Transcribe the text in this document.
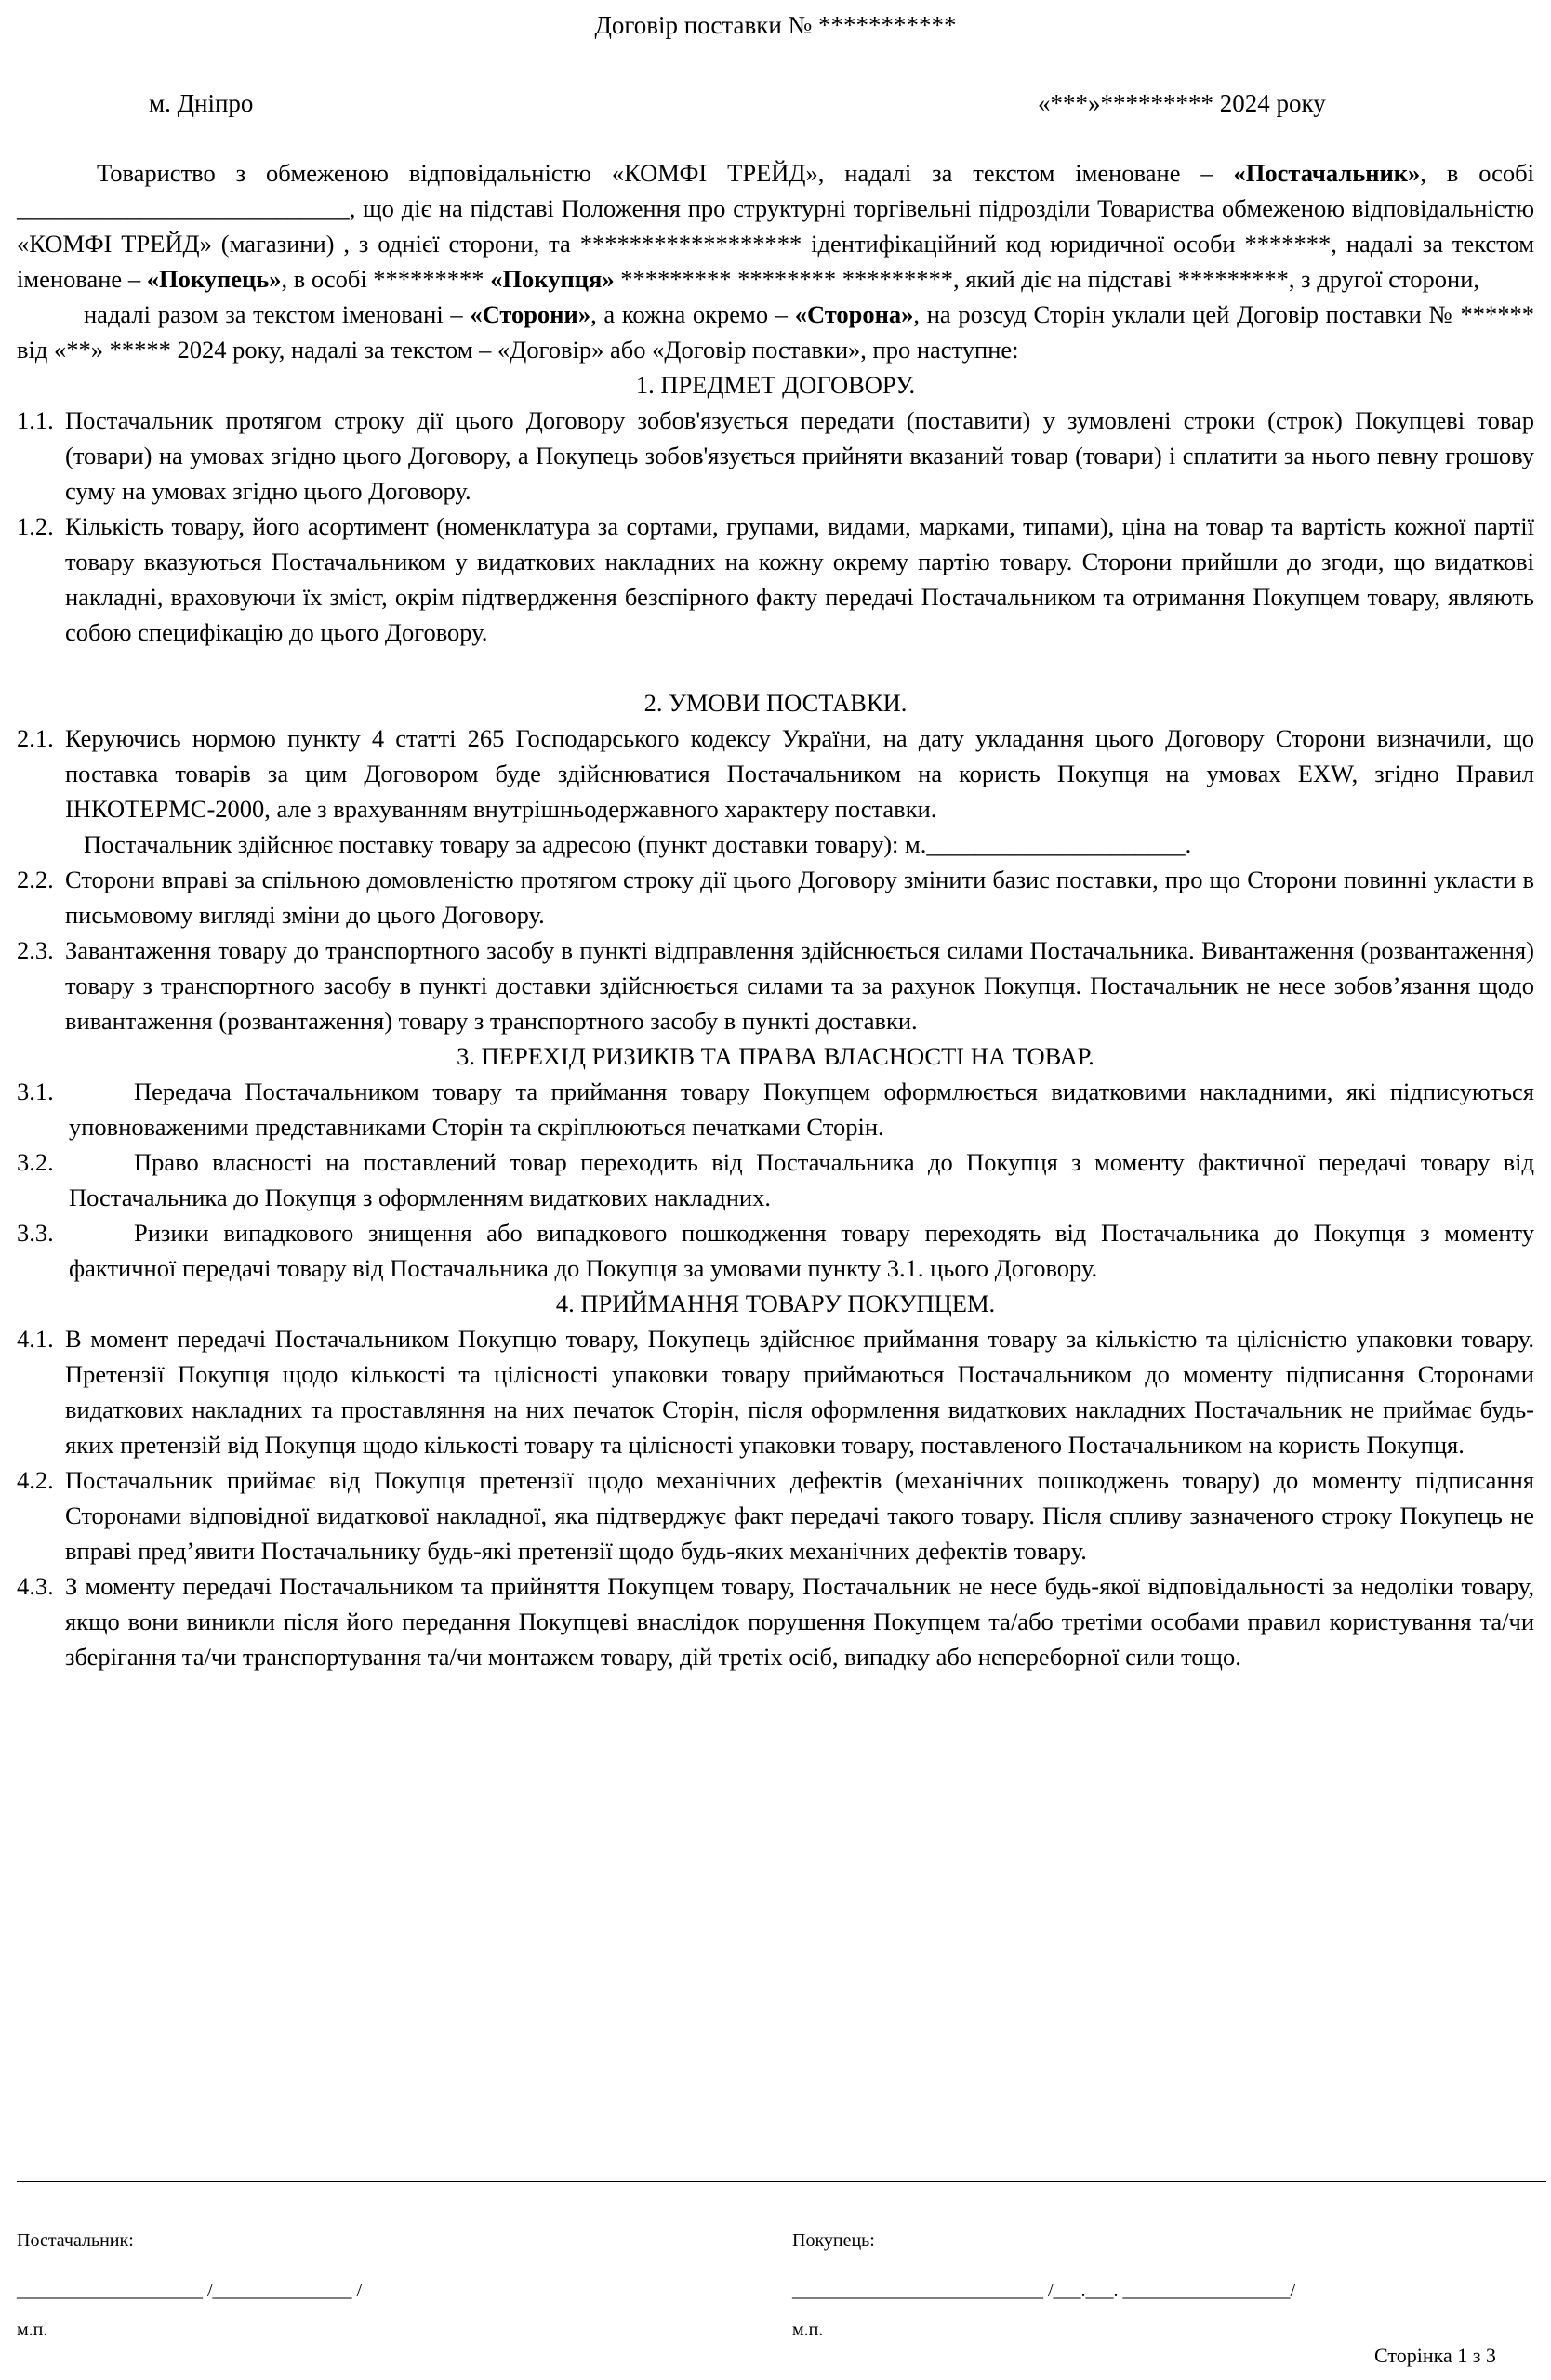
Договір поставки № ***********
м. Дніпро	«***»********* 2024 року

Товариство з обмеженою відповідальністю «КОМФІ ТРЕЙД», надалі за текстом іменоване – «Постачальник», в особі ___________________________, що діє на підставі Положення про структурні торгівельні підрозділи Товариства обмеженою відповідальністю «КОМФІ ТРЕЙД» (магазини) , з однієї сторони, та ****************** ідентифікаційний код юридичної особи *******, надалі за текстом іменоване – «Покупець», в особі ********* «Покупця» ********* ******** *********, який діє на підставі *********, з другої сторони,

надалі разом за текстом іменовані – «Сторони», а кожна окремо – «Сторона», на розсуд Сторін уклали цей Договір поставки № ****** від «**» ***** 2024 року, надалі за текстом – «Договір» або «Договір поставки», про наступне:

1. ПРЕДМЕТ ДОГОВОРУ.
1.1. Постачальник протягом строку дії цього Договору зобов'язується передати (поставити) у зумовлені строки (строк) Покупцеві товар (товари) на умовах згідно цього Договору, а Покупець зобов'язується прийняти вказаний товар (товари) і сплатити за нього певну грошову суму на умовах згідно цього Договору.
1.2. Кількість товару, його асортимент (номенклатура за сортами, групами, видами, марками, типами), ціна на товар та вартість кожної партії товару вказуються Постачальником у видаткових накладних на кожну окрему партію товару. Сторони прийшли до згоди, що видаткові накладні, враховуючи їх зміст, окрім підтвердження безспірного факту передачі Постачальником та отримання Покупцем товару, являють собою специфікацію до цього Договору.
2. УМОВИ ПОСТАВКИ.
2.1. Керуючись нормою пункту 4 статті 265 Господарського кодексу України, на дату укладання цього Договору Сторони визначили, що поставка товарів за цим Договором буде здійснюватися Постачальником на користь Покупця на умовах EXW, згідно Правил ІНКОТЕРМС-2000, але з врахуванням внутрішньодержавного характеру поставки.
Постачальник здійснює поставку товару за адресою (пункт доставки товару): м._____________________.
2.2. Сторони вправі за спільною домовленістю протягом строку дії цього Договору змінити базис поставки, про що Сторони повинні укласти в письмовому вигляді зміни до цього Договору.
2.3. Завантаження товару до транспортного засобу в пункті відправлення здійснюється силами Постачальника. Вивантаження (розвантаження) товару з транспортного засобу в пункті доставки здійснюється силами та за рахунок Покупця. Постачальник не несе зобов’язання щодо вивантаження (розвантаження) товару з транспортного засобу в пункті доставки.
3. ПЕРЕХІД РИЗИКІВ ТА ПРАВА ВЛАСНОСТІ НА ТОВАР.
3.1.	Передача Постачальником товару та приймання товару Покупцем оформлюється видатковими накладними, які підписуються уповноваженими представниками Сторін та скріплюються печатками Сторін.
3.2.	Право власності на поставлений товар переходить від Постачальника до Покупця з моменту фактичної передачі товару від Постачальника до Покупця з оформленням видаткових накладних.
3.3.	Ризики випадкового знищення або випадкового пошкодження товару переходять від Постачальника до Покупця з моменту фактичної передачі товару від Постачальника до Покупця за умовами пункту 3.1. цього Договору.
4. ПРИЙМАННЯ ТОВАРУ ПОКУПЦЕМ.
4.1. В момент передачі Постачальником Покупцю товару, Покупець здійснює приймання товару за кількістю та цілісністю упаковки товару. Претензії Покупця щодо кількості та цілісності упаковки товару приймаються Постачальником до моменту підписання Сторонами видаткових накладних та проставляння на них печаток Сторін, після оформлення видаткових накладних Постачальник не приймає будь-яких претензій від Покупця щодо кількості товару та цілісності упаковки товару, поставленого Постачальником на користь Покупця.
4.2. Постачальник приймає від Покупця претензії щодо механічних дефектів (механічних пошкоджень товару) до моменту підписання Сторонами відповідної видаткової накладної, яка підтверджує факт передачі такого товару. Після спливу зазначеного строку Покупець не вправі пред’явити Постачальнику будь-які претензії щодо будь-яких механічних дефектів товару.
4.3. З моменту передачі Постачальником та прийняття Покупцем товару, Постачальник не несе будь-якої відповідальності за недоліки товару, якщо вони виникли після його передання Покупцеві внаслідок порушення Покупцем та/або третіми особами правил користування та/чи зберігання та/чи транспортування та/чи монтажем товару, дій третіх осіб, випадку або непереборної сили тощо.
Постачальник:	Покупець:
____________________ /_______________ /	___________________________ /___.___. __________________/
м.п.	м.п.
Сторінка 1 з 3
